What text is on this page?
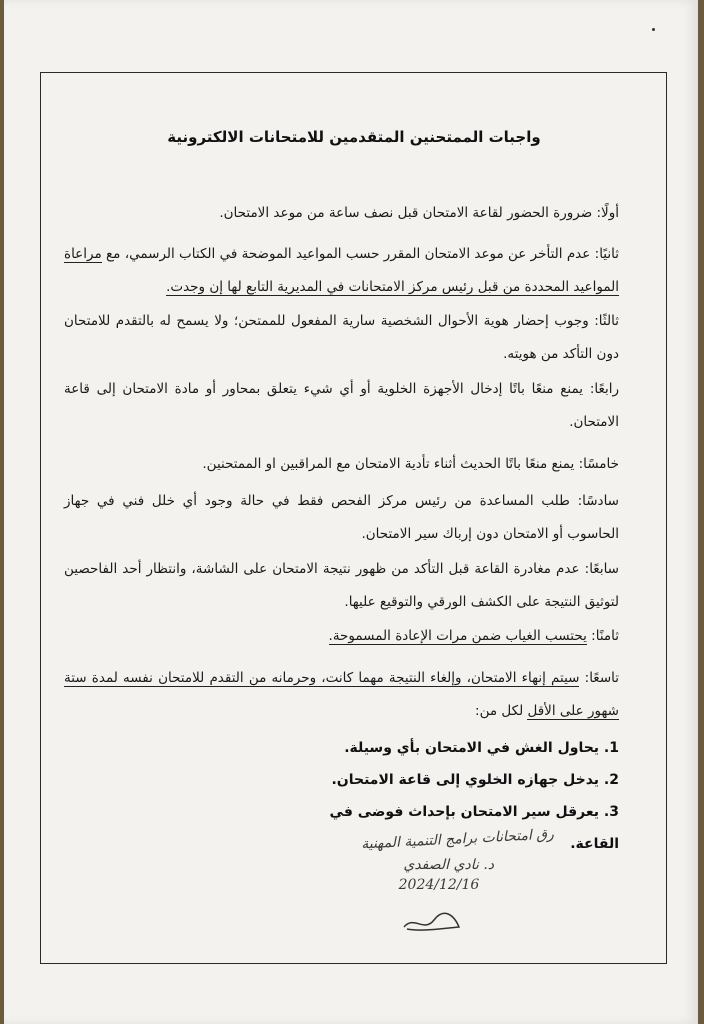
واجبات الممتحنين المتقدمين للامتحانات الالكترونية
أولًا: ضرورة الحضور لقاعة الامتحان قبل نصف ساعة من موعد الامتحان.
ثانيًا: عدم التأخر عن موعد الامتحان المقرر حسب المواعيد الموضحة في الكتاب الرسمي، مع مراعاة المواعيد المحددة من قبل رئيس مركز الامتحانات في المديرية التابع لها إن وجدت.
ثالثًا: وجوب إحضار هوية الأحوال الشخصية سارية المفعول للممتحن؛ ولا يسمح له بالتقدم للامتحان دون التأكد من هويته.
رابعًا: يمنع منعًا باتًا إدخال الأجهزة الخلوية أو أي شيء يتعلق بمحاور أو مادة الامتحان إلى قاعة الامتحان.
خامسًا: يمنع منعًا باتًا الحديث أثناء تأدية الامتحان مع المراقبين او الممتحنين.
سادسًا: طلب المساعدة من رئيس مركز الفحص فقط في حالة وجود أي خلل فني في جهاز الحاسوب أو الامتحان دون إرباك سير الامتحان.
سابعًا: عدم مغادرة القاعة قبل التأكد من ظهور نتيجة الامتحان على الشاشة، وانتظار أحد الفاحصين لتوثيق النتيجة على الكشف الورقي والتوقيع عليها.
ثامنًا: يحتسب الغياب ضمن مرات الإعادة المسموحة.
تاسعًا: سيتم إنهاء الامتحان، وإلغاء النتيجة مهما كانت، وحرمانه من التقدم للامتحان نفسه لمدة ستة شهور على الأقل لكل من:
1. يحاول الغش في الامتحان بأي وسيلة.
2. يدخل جهازه الخلوي إلى قاعة الامتحان.
3. يعرقل سير الامتحان بإحداث فوضى في القاعة.
رق امتحانات برامج التنمية المهنية
د. نادي الصفدي
2024/12/16
